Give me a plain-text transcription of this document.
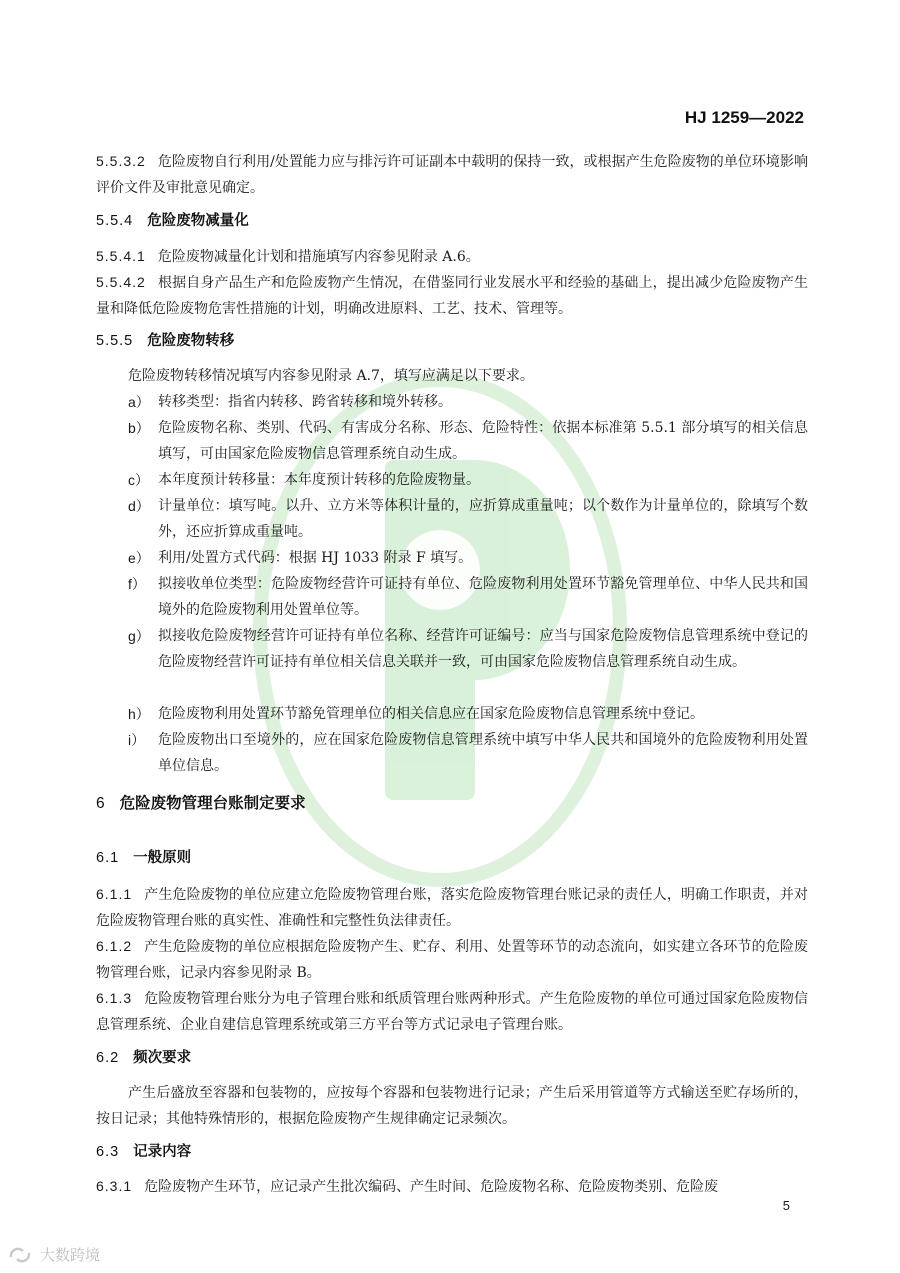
HJ 1259—2022
5.5.3.2 危险废物自行利用/处置能力应与排污许可证副本中载明的保持一致，或根据产生危险废物的单位环境影响评价文件及审批意见确定。
5.5.4 危险废物减量化
5.5.4.1 危险废物减量化计划和措施填写内容参见附录 A.6。
5.5.4.2 根据自身产品生产和危险废物产生情况，在借鉴同行业发展水平和经验的基础上，提出减少危险废物产生量和降低危险废物危害性措施的计划，明确改进原料、工艺、技术、管理等。
5.5.5 危险废物转移
危险废物转移情况填写内容参见附录 A.7，填写应满足以下要求。
a） 转移类型：指省内转移、跨省转移和境外转移。
b） 危险废物名称、类别、代码、有害成分名称、形态、危险特性：依据本标准第 5.5.1 部分填写的相关信息填写，可由国家危险废物信息管理系统自动生成。
c） 本年度预计转移量：本年度预计转移的危险废物量。
d） 计量单位：填写吨。以升、立方米等体积计量的，应折算成重量吨；以个数作为计量单位的，除填写个数外，还应折算成重量吨。
e） 利用/处置方式代码：根据 HJ 1033 附录 F 填写。
f） 拟接收单位类型：危险废物经营许可证持有单位、危险废物利用处置环节豁免管理单位、中华人民共和国境外的危险废物利用处置单位等。
g） 拟接收危险废物经营许可证持有单位名称、经营许可证编号：应当与国家危险废物信息管理系统中登记的危险废物经营许可证持有单位相关信息关联并一致，可由国家危险废物信息管理系统自动生成。
h） 危险废物利用处置环节豁免管理单位的相关信息应在国家危险废物信息管理系统中登记。
i） 危险废物出口至境外的，应在国家危险废物信息管理系统中填写中华人民共和国境外的危险废物利用处置单位信息。
6 危险废物管理台账制定要求
6.1 一般原则
6.1.1 产生危险废物的单位应建立危险废物管理台账，落实危险废物管理台账记录的责任人，明确工作职责，并对危险废物管理台账的真实性、准确性和完整性负法律责任。
6.1.2 产生危险废物的单位应根据危险废物产生、贮存、利用、处置等环节的动态流向，如实建立各环节的危险废物管理台账，记录内容参见附录 B。
6.1.3 危险废物管理台账分为电子管理台账和纸质管理台账两种形式。产生危险废物的单位可通过国家危险废物信息管理系统、企业自建信息管理系统或第三方平台等方式记录电子管理台账。
6.2 频次要求
产生后盛放至容器和包装物的，应按每个容器和包装物进行记录；产生后采用管道等方式输送至贮存场所的，按日记录；其他特殊情形的，根据危险废物产生规律确定记录频次。
6.3 记录内容
6.3.1 危险废物产生环节，应记录产生批次编码、产生时间、危险废物名称、危险废物类别、危险废
5
大数跨境
